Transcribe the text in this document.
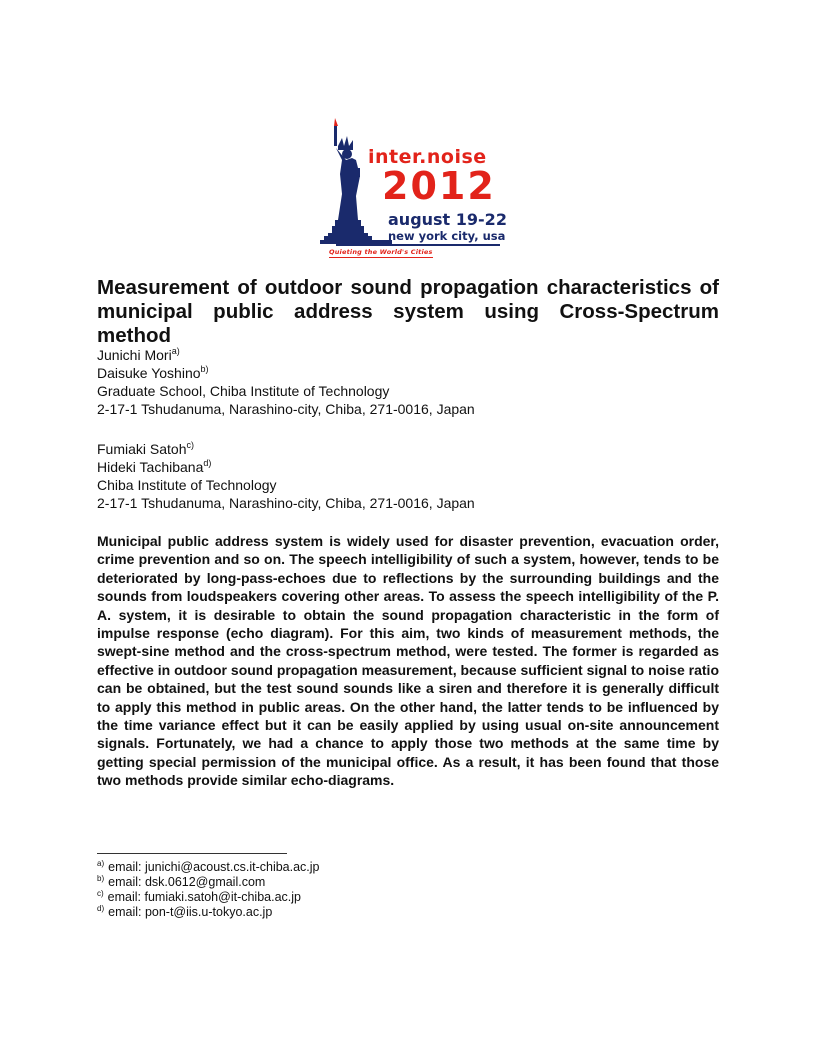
inter.noise
2012
august 19-22
new york city, usa
Quieting the World's Cities
Measurement of outdoor sound propagation characteristics of
municipal public address system using Cross-Spectrum method
Junichi Mori$^{a)}$
Daisuke Yoshino$^{b)}$
Graduate School, Chiba Institute of Technology
2-17-1 Tshudanuma, Narashino-city, Chiba, 271-0016, Japan
Fumiaki Satoh$^{c)}$
Hideki Tachibana$^{d)}$
Chiba Institute of Technology
2-17-1 Tshudanuma, Narashino-city, Chiba, 271-0016, Japan
Municipal public address system is widely used for disaster prevention, evacuation order, crime prevention and so on. The speech intelligibility of such a system, however, tends to be deteriorated by long-pass-echoes due to reflections by the surrounding buildings and the sounds from loudspeakers covering other areas. To assess the speech intelligibility of the P. A. system, it is desirable to obtain the sound propagation characteristic in the form of impulse response (echo diagram). For this aim, two kinds of measurement methods, the swept-sine method and the cross-spectrum method, were tested. The former is regarded as effective in outdoor sound propagation measurement, because sufficient signal to noise ratio can be obtained, but the test sound sounds like a siren and therefore it is generally difficult to apply this method in public areas. On the other hand, the latter tends to be influenced by the time variance effect but it can be easily applied by using usual on-site announcement signals. Fortunately, we had a chance to apply those two methods at the same time by getting special permission of the municipal office. As a result, it has been found that those two methods provide similar echo-diagrams.
$^{a)}$ email: junichi@acoust.cs.it-chiba.ac.jp
$^{b)}$ email: dsk.0612@gmail.com
$^{c)}$ email: fumiaki.satoh@it-chiba.ac.jp
$^{d)}$ email: pon-t@iis.u-tokyo.ac.jp
